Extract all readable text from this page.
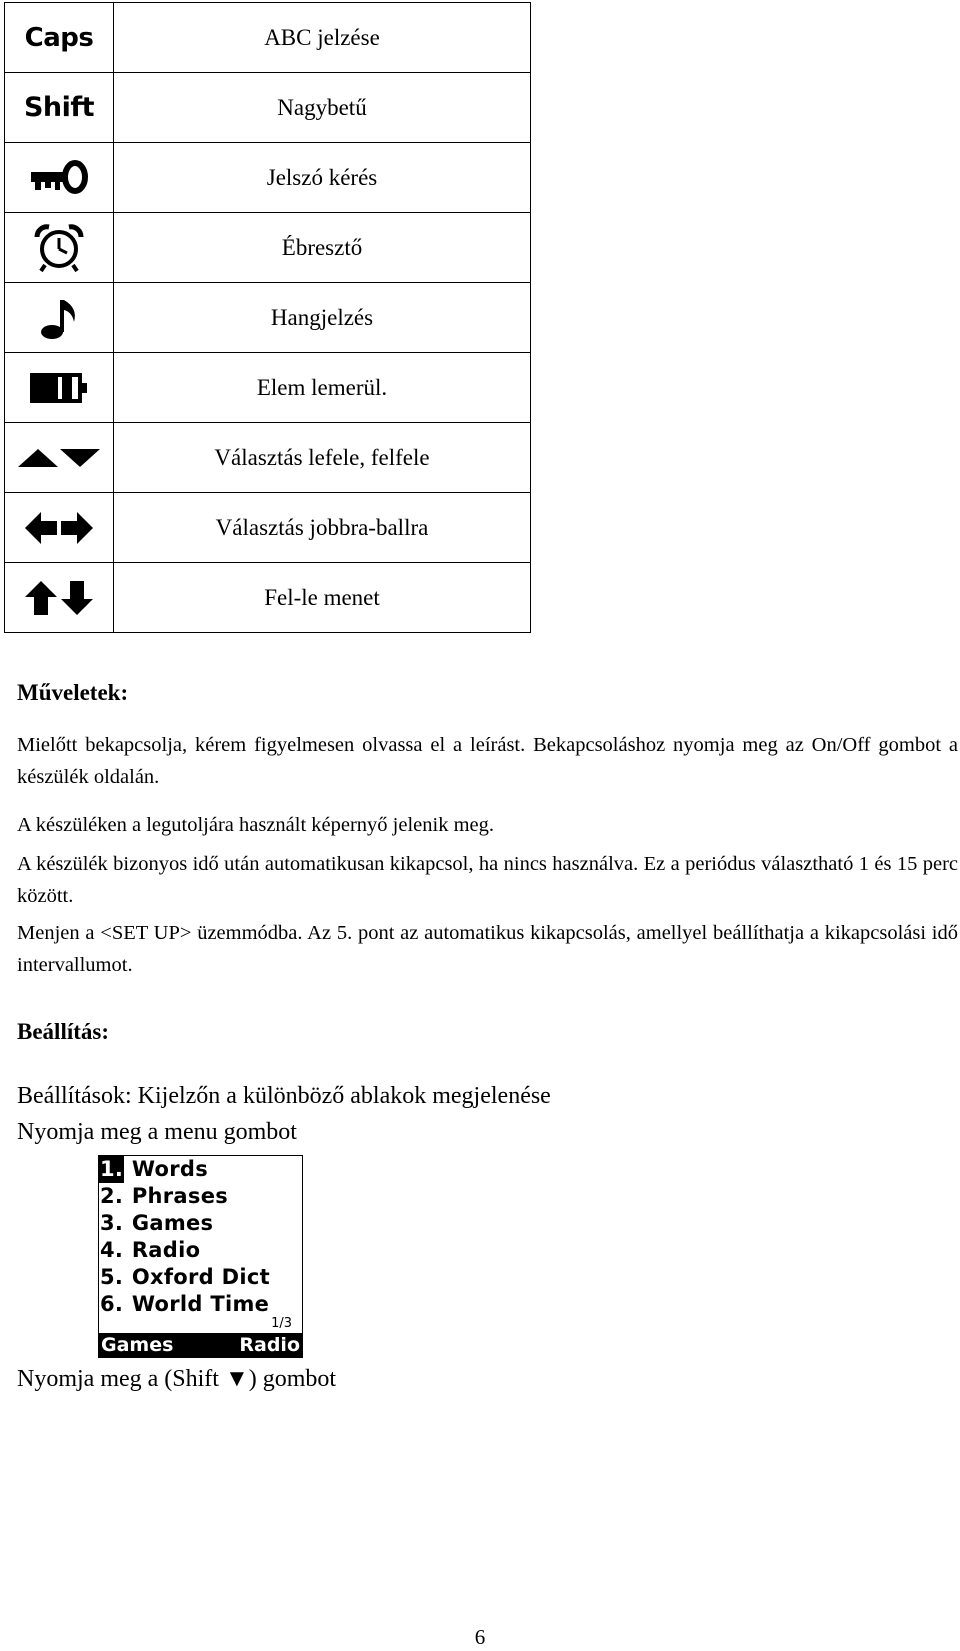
Caps	ABC jelzése
Shift	Nagybetű

	Jelszó kérés

	Ébresztő

	Hangjelzés

	Elem lemerül.

	Választás lefele, felfele

	Választás jobbra-ballra

	Fel-le menet
Műveletek:

Mielőtt bekapcsolja, kérem figyelmesen olvassa el a leírást. Bekapcsoláshoz nyomja meg az On/Off gombot a készülék oldalán.

A készüléken a legutoljára használt képernyő jelenik meg.

A készülék bizonyos idő után automatikusan kikapcsol, ha nincs használva. Ez a periódus választható 1 és 15 perc között.

Menjen a <SET UP> üzemmódba. Az 5. pont az automatikus kikapcsolás, amellyel beállíthatja a kikapcsolási idő intervallumot.

Beállítás:

Beállítások: Kijelzőn a különböző ablakok megjelenése

Nyomja meg a menu gombot

1. Words
2. Phrases
3. Games
4. Radio
5. Oxford Dict
6. World Time
1/3
Games	Radio

Nyomja meg a (Shift ▼) gombot

6
